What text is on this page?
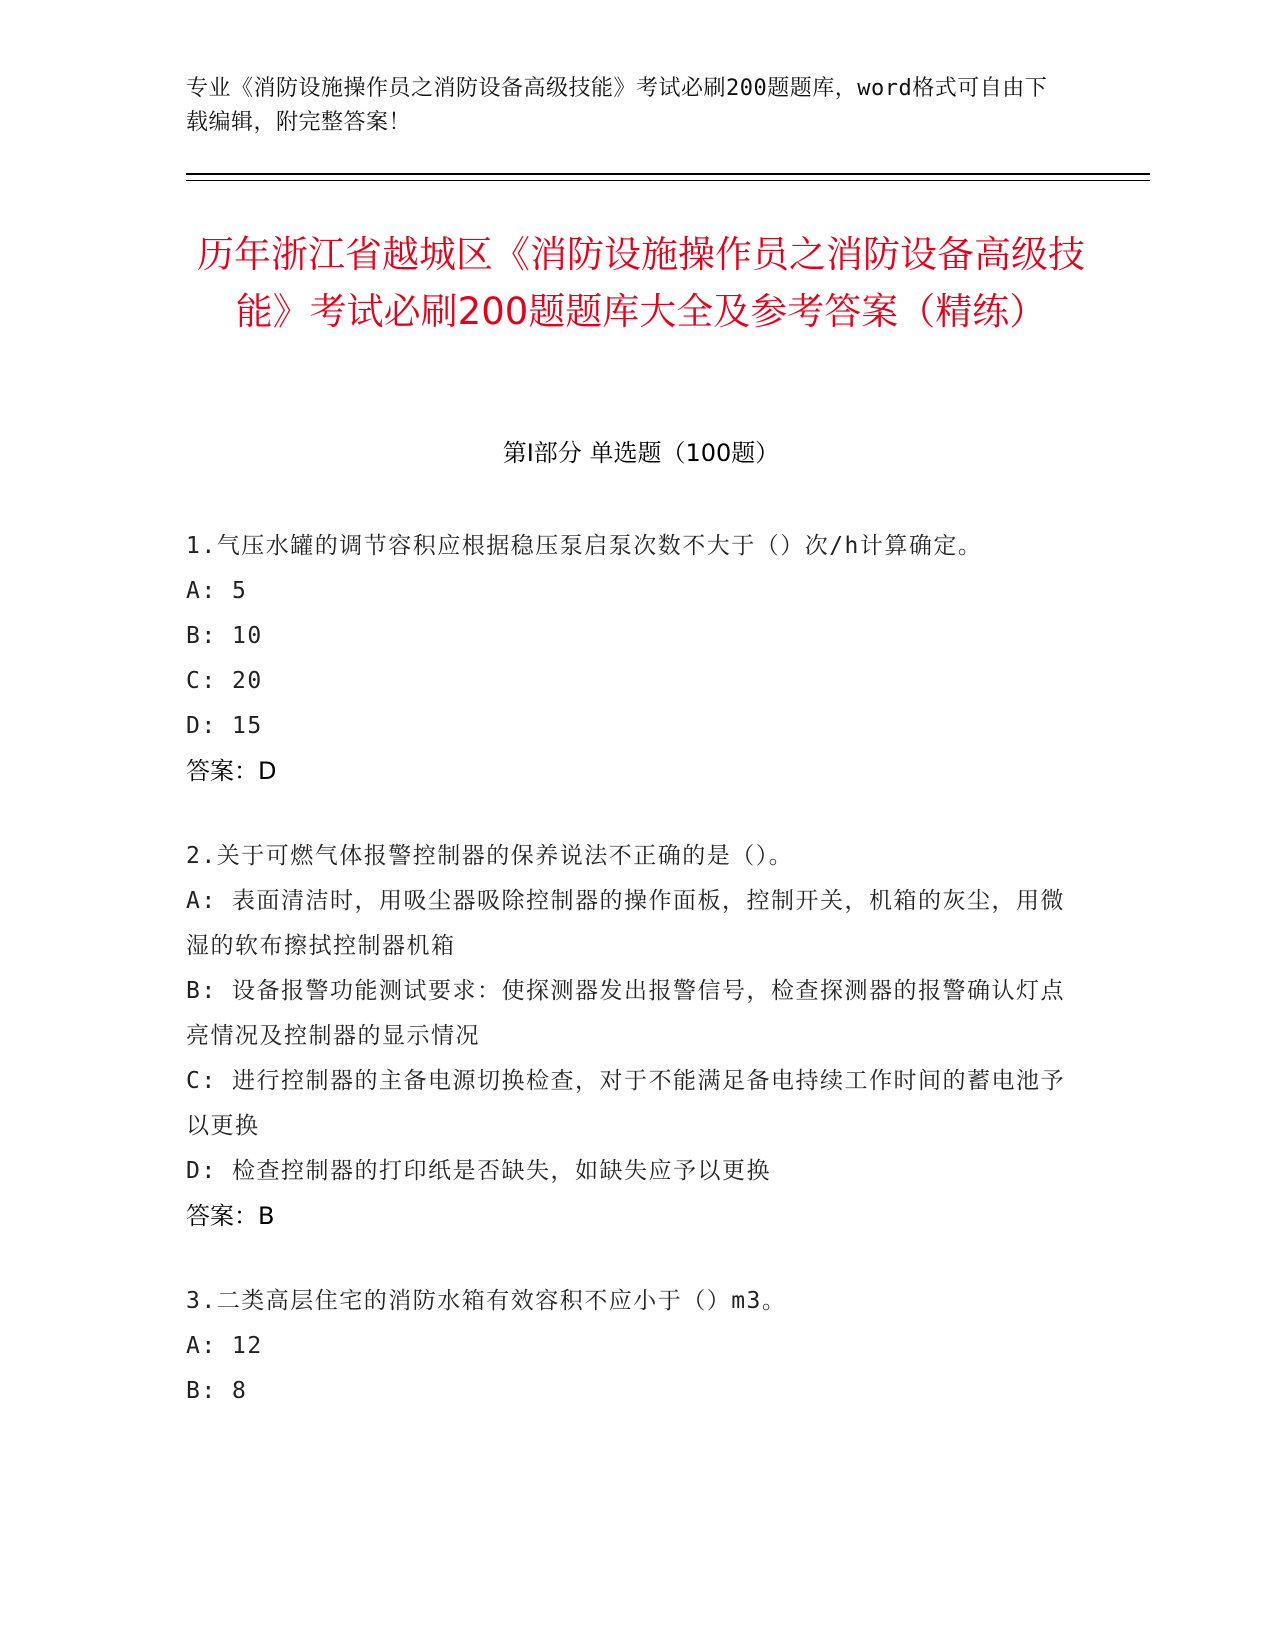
专业《消防设施操作员之消防设备高级技能》考试必刷200题题库，word格式可自由下载编辑，附完整答案！
历年浙江省越城区《消防设施操作员之消防设备高级技能》考试必刷200题题库大全及参考答案（精练）
第I部分 单选题（100题）
1.气压水罐的调节容积应根据稳压泵启泵次数不大于（）次/h计算确定。
A: 5
B: 10
C: 20
D: 15
答案：D
2.关于可燃气体报警控制器的保养说法不正确的是（）。
A: 表面清洁时，用吸尘器吸除控制器的操作面板，控制开关，机箱的灰尘，用微湿的软布擦拭控制器机箱
B: 设备报警功能测试要求：使探测器发出报警信号，检查探测器的报警确认灯点亮情况及控制器的显示情况
C: 进行控制器的主备电源切换检查，对于不能满足备电持续工作时间的蓄电池予以更换
D: 检查控制器的打印纸是否缺失，如缺失应予以更换
答案：B
3.二类高层住宅的消防水箱有效容积不应小于（）m3。
A: 12
B: 8
